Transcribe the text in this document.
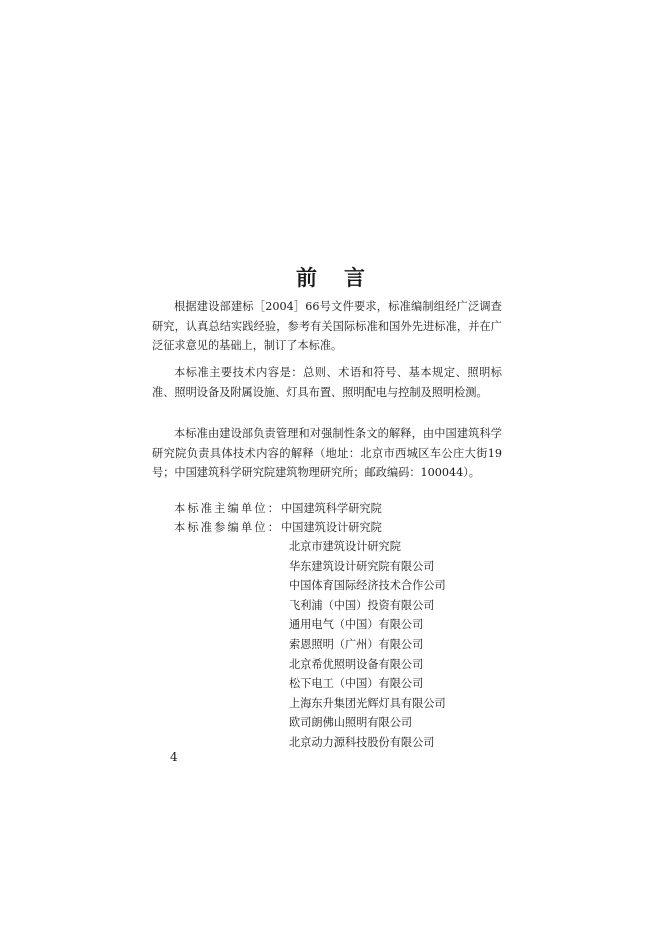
前 言

根据建设部建标［2004］66号文件要求，标准编制组经广泛调查研究，认真总结实践经验，参考有关国际标准和国外先进标准，并在广泛征求意见的基础上，制订了本标准。

本标准主要技术内容是：总则、术语和符号、基本规定、照明标准、照明设备及附属设施、灯具布置、照明配电与控制及照明检测。

本标准由建设部负责管理和对强制性条文的解释，由中国建筑科学研究院负责具体技术内容的解释（地址：北京市西城区车公庄大街19号；中国建筑科学研究院建筑物理研究所；邮政编码：100044）。

本标准主编单位：中国建筑科学研究院
本标准参编单位：中国建筑设计研究院
北京市建筑设计研究院
华东建筑设计研究院有限公司
中国体育国际经济技术合作公司
飞利浦（中国）投资有限公司
通用电气（中国）有限公司
索恩照明（广州）有限公司
北京希优照明设备有限公司
松下电工（中国）有限公司
上海东升集团光辉灯具有限公司
欧司朗佛山照明有限公司
北京动力源科技股份有限公司
4
